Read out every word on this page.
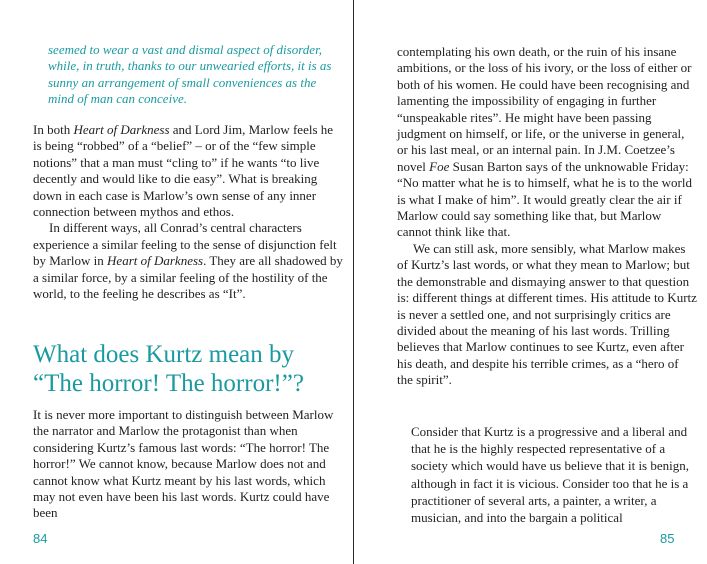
seemed to wear a vast and dismal aspect of disorder, while, in truth, thanks to our unwearied efforts, it is as sunny an arrangement of small conveniences as the mind of man can conceive.

In both Heart of Darkness and Lord Jim, Marlow feels he is being “robbed” of a “belief” – or of the “few simple notions” that a man must “cling to” if he wants “to live decently and would like to die easy”. What is breaking down in each case is Marlow’s own sense of any inner connection between mythos and ethos.

In different ways, all Conrad’s central characters experience a similar feeling to the sense of disjunction felt by Marlow in Heart of Darkness. They are all shadowed by a similar force, by a similar feeling of the hostility of the world, to the feeling he describes as “It”.

What does Kurtz mean by “The horror! The horror!”?

It is never more important to distinguish between Marlow the narrator and Marlow the protagonist than when considering Kurtz’s famous last words: “The horror! The horror!” We cannot know, because Marlow does not and cannot know what Kurtz meant by his last words, which may not even have been his last words. Kurtz could have been

84

contemplating his own death, or the ruin of his insane ambitions, or the loss of his ivory, or the loss of either or both of his women. He could have been recognising and lamenting the impossibility of engaging in further “unspeakable rites”. He might have been passing judgment on himself, or life, or the universe in general, or his last meal, or an internal pain. In J.M. Coetzee’s novel Foe Susan Barton says of the unknowable Friday: “No matter what he is to himself, what he is to the world is what I make of him”. It would greatly clear the air if Marlow could say something like that, but Marlow cannot think like that.

We can still ask, more sensibly, what Marlow makes of Kurtz’s last words, or what they mean to Marlow; but the demonstrable and dismaying answer to that question is: different things at different times. His attitude to Kurtz is never a settled one, and not surprisingly critics are divided about the meaning of his last words. Trilling believes that Marlow continues to see Kurtz, even after his death, and despite his terrible crimes, as a “hero of the spirit”.

Consider that Kurtz is a progressive and a liberal and that he is the highly respected representative of a society which would have us believe that it is benign, although in fact it is vicious. Consider too that he is a practitioner of several arts, a painter, a writer, a musician, and into the bargain a political
85
